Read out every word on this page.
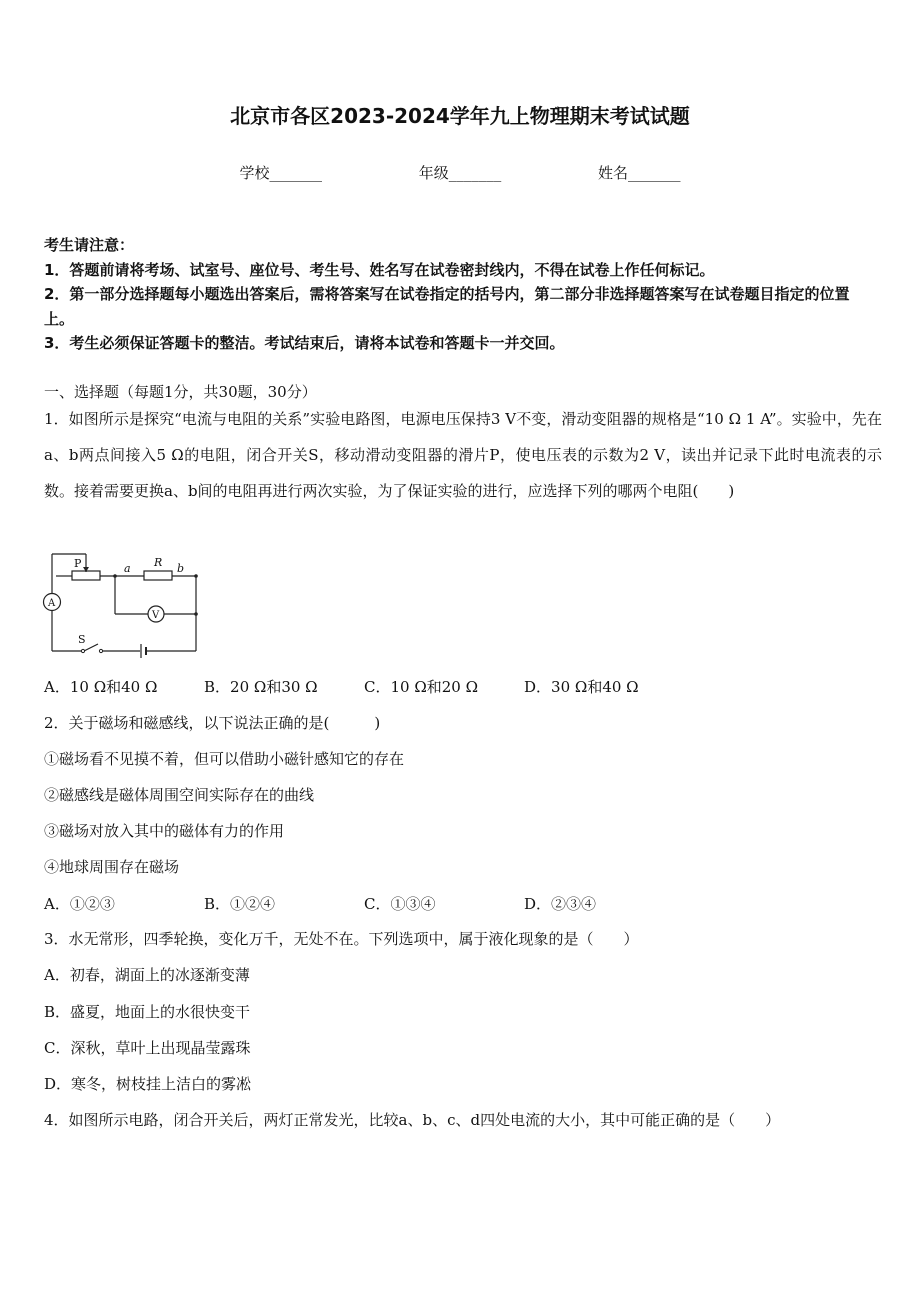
北京市各区2023-2024学年九上物理期末考试试题
学校_______	年级_______	姓名_______
考生请注意：
1．答题前请将考场、试室号、座位号、考生号、姓名写在试卷密封线内，不得在试卷上作任何标记。
2．第一部分选择题每小题选出答案后，需将答案写在试卷指定的括号内，第二部分非选择题答案写在试卷题目指定的位置上。
3．考生必须保证答题卡的整洁。考试结束后，请将本试卷和答题卡一并交回。
一、选择题（每题1分，共30题，30分）
1．如图所示是探究“电流与电阻的关系”实验电路图，电源电压保持3 V不变，滑动变阻器的规格是“10 Ω 1 A”。实验中，先在a、b两点间接入5 Ω的电阻，闭合开关S，移动滑动变阻器的滑片P，使电压表的示数为2 V，读出并记录下此时电流表的示数。接着需要更换a、b间的电阻再进行两次实验，为了保证实验的进行，应选择下列的哪两个电阻(　　)
P	a R b
A
V
S
A．10 Ω和40 Ω	B．20 Ω和30 Ω	C．10 Ω和20 Ω	D．30 Ω和40 Ω
2．关于磁场和磁感线，以下说法正确的是(　　　)
①磁场看不见摸不着，但可以借助小磁针感知它的存在
②磁感线是磁体周围空间实际存在的曲线
③磁场对放入其中的磁体有力的作用
④地球周围存在磁场
A．①②③	B．①②④	C．①③④	D．②③④
3．水无常形，四季轮换，变化万千，无处不在。下列选项中，属于液化现象的是（　　）
A．初春，湖面上的冰逐渐变薄
B．盛夏，地面上的水很快变干
C．深秋，草叶上出现晶莹露珠
D．寒冬，树枝挂上洁白的雾凇
4．如图所示电路，闭合开关后，两灯正常发光，比较a、b、c、d四处电流的大小，其中可能正确的是（　　）
